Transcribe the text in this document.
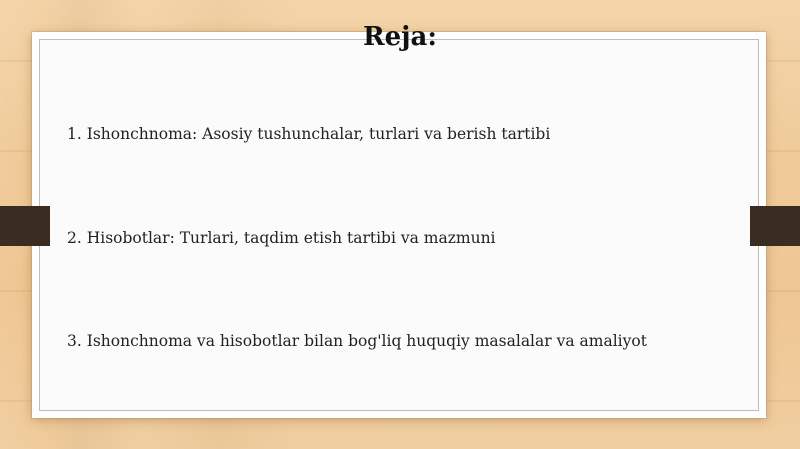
Reja:
1. Ishonchnoma: Asosiy tushunchalar, turlari va berish tartibi
2. Hisobotlar: Turlari, taqdim etish tartibi va mazmuni
3. Ishonchnoma va hisobotlar bilan bog'liq huquqiy masalalar va amaliyot
